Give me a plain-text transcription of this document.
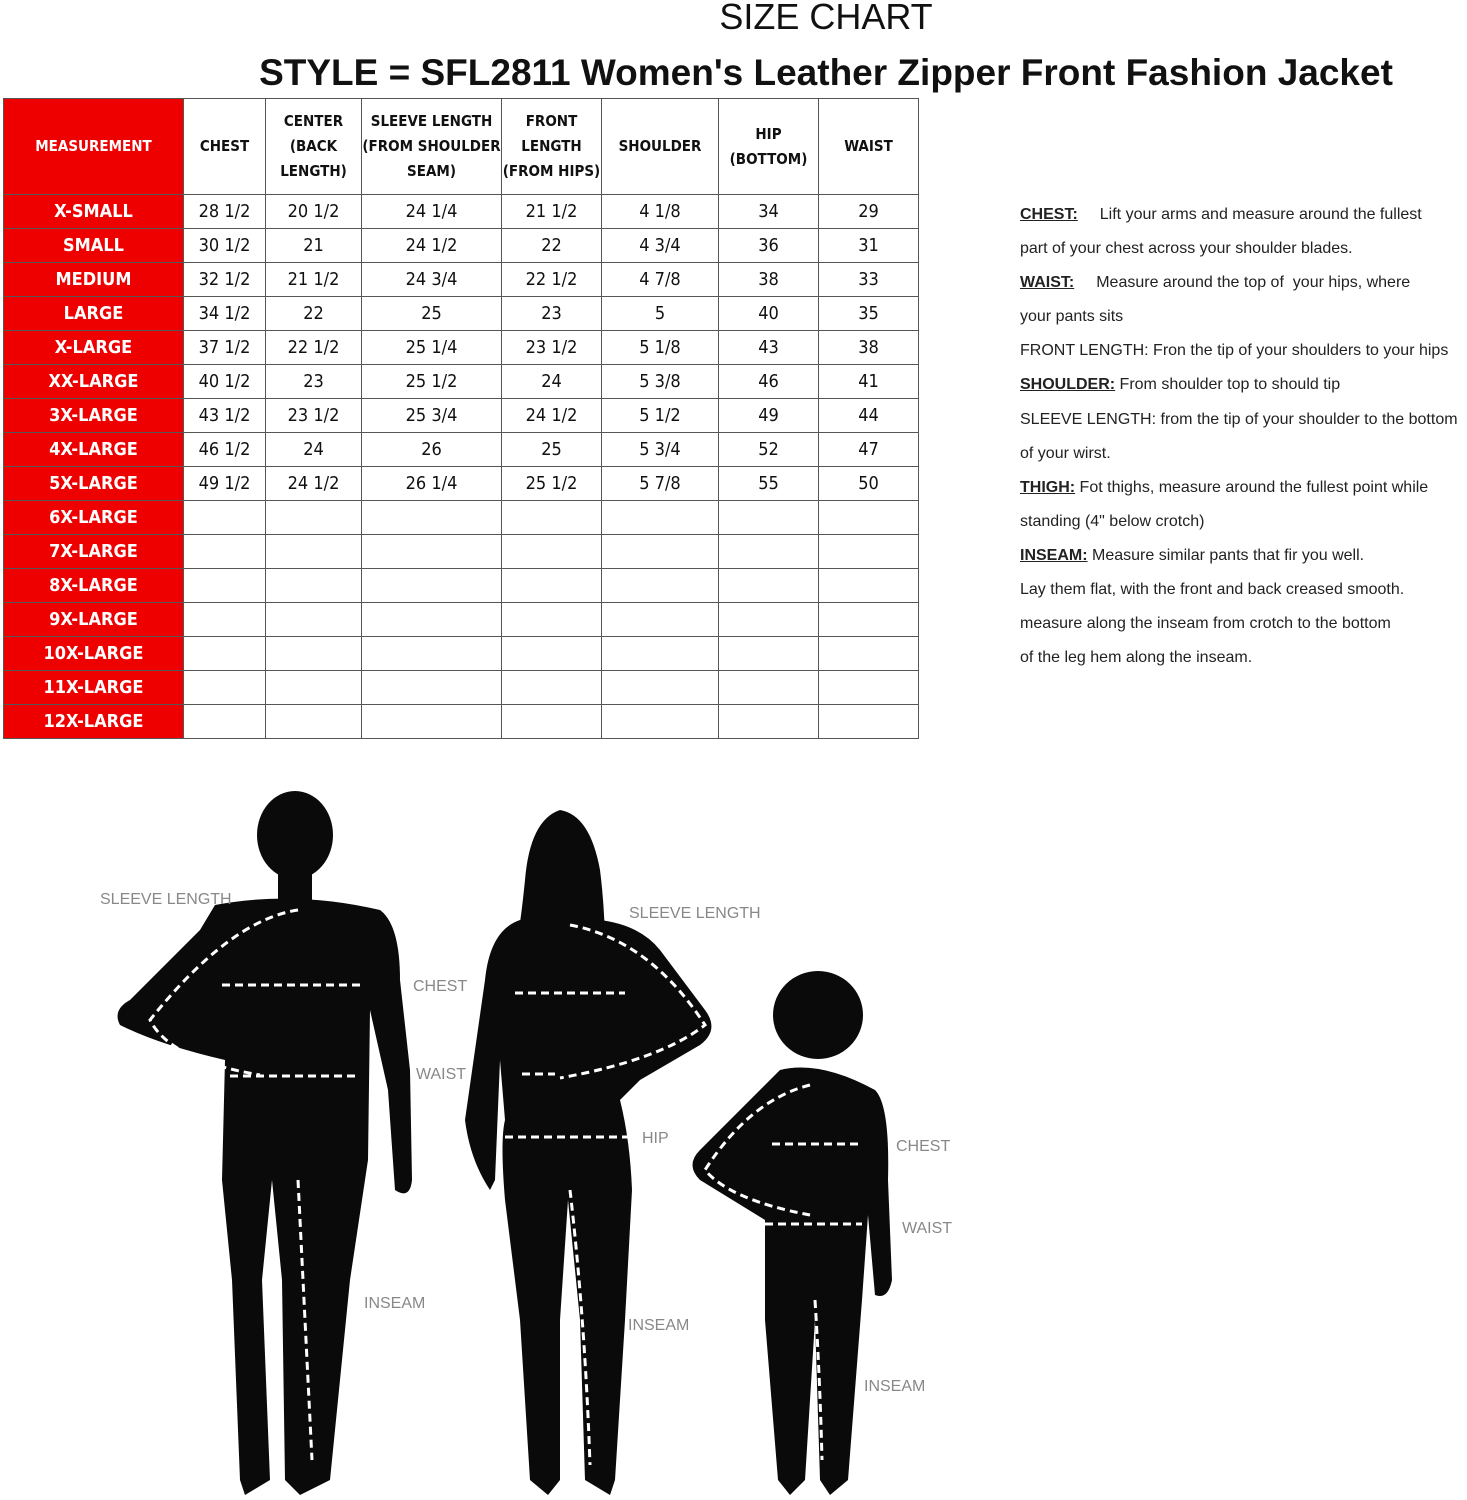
SIZE CHART
STYLE = SFL2811 Women's Leather Zipper Front Fashion Jacket
MEASUREMENT	CHEST	CENTER (BACK LENGTH)	SLEEVE LENGTH (FROM SHOULDER SEAM)	FRONT LENGTH (FROM HIPS)	SHOULDER	HIP (BOTTOM)	WAIST
X-SMALL	28 1/2	20 1/2	24 1/4	21 1/2	4 1/8	34	29
SMALL	30 1/2	21	24 1/2	22	4 3/4	36	31
MEDIUM	32 1/2	21 1/2	24 3/4	22 1/2	4 7/8	38	33
LARGE	34 1/2	22	25	23	5	40	35
X-LARGE	37 1/2	22 1/2	25 1/4	23 1/2	5 1/8	43	38
XX-LARGE	40 1/2	23	25 1/2	24	5 3/8	46	41
3X-LARGE	43 1/2	23 1/2	25 3/4	24 1/2	5 1/2	49	44
4X-LARGE	46 1/2	24	26	25	5 3/4	52	47
5X-LARGE	49 1/2	24 1/2	26 1/4	25 1/2	5 7/8	55	50
6X-LARGE							
7X-LARGE							
8X-LARGE							
9X-LARGE							
10X-LARGE							
11X-LARGE							
12X-LARGE							
CHEST: Lift your arms and measure around the fullest
part of your chest across your shoulder blades.
WAIST: Measure around the top of  your hips, where
your pants sits
FRONT LENGTH: Fron the tip of your shoulders to your hips
SHOULDER: From shoulder top to should tip
SLEEVE LENGTH: from the tip of your shoulder to the bottom
of your wirst.
THIGH: Fot thighs, measure around the fullest point while
standing (4" below crotch)
INSEAM: Measure similar pants that fir you well.
Lay them flat, with the front and back creased smooth.
measure along the inseam from crotch to the bottom
of the leg hem along the inseam.
SLEEVE LENGTH
CHEST
WAIST
INSEAM
SLEEVE LENGTH
HIP
INSEAM
CHEST
WAIST
INSEAM
